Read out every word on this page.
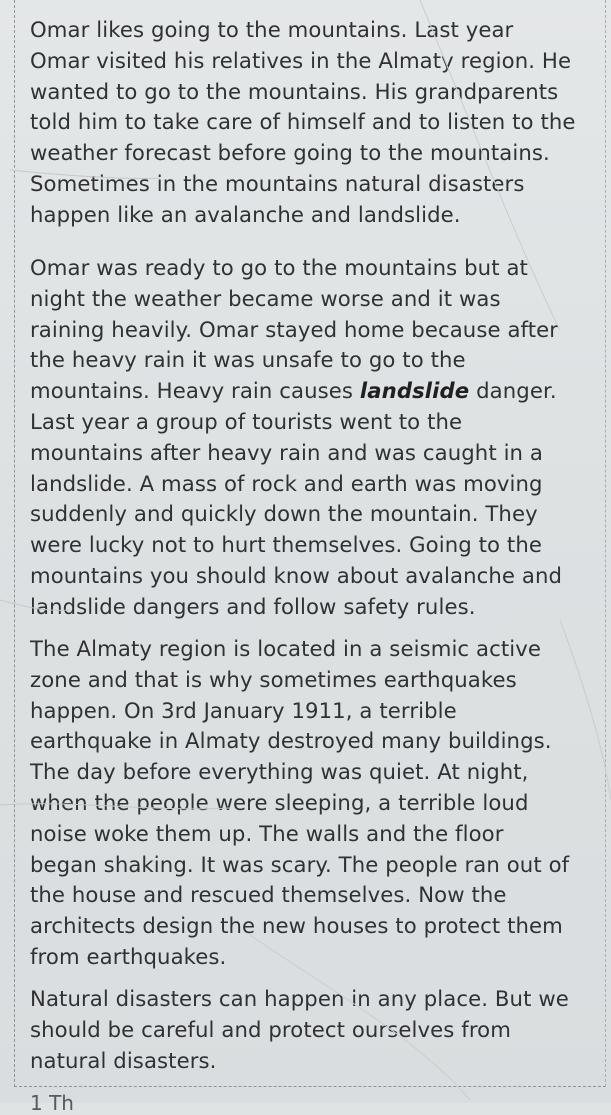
Omar likes going to the mountains. Last year
Omar visited his relatives in the Almaty region. He
wanted to go to the mountains. His grandparents
told him to take care of himself and to listen to the
weather forecast before going to the mountains.
Sometimes in the mountains natural disasters
happen like an avalanche and landslide.

Omar was ready to go to the mountains but at
night the weather became worse and it was
raining heavily. Omar stayed home because after
the heavy rain it was unsafe to go to the
mountains. Heavy rain causes landslide danger.
Last year a group of tourists went to the
mountains after heavy rain and was caught in a
landslide. A mass of rock and earth was moving
suddenly and quickly down the mountain. They
were lucky not to hurt themselves. Going to the
mountains you should know about avalanche and
landslide dangers and follow safety rules.

The Almaty region is located in a seismic active
zone and that is why sometimes earthquakes
happen. On 3rd January 1911, a terrible
earthquake in Almaty destroyed many buildings.
The day before everything was quiet. At night,
when the people were sleeping, a terrible loud
noise woke them up. The walls and the floor
began shaking. It was scary. The people ran out of
the house and rescued themselves. Now the
architects design the new houses to protect them
from earthquakes.

Natural disasters can happen in any place. But we
should be careful and protect ourselves from
natural disasters.

1 Th
